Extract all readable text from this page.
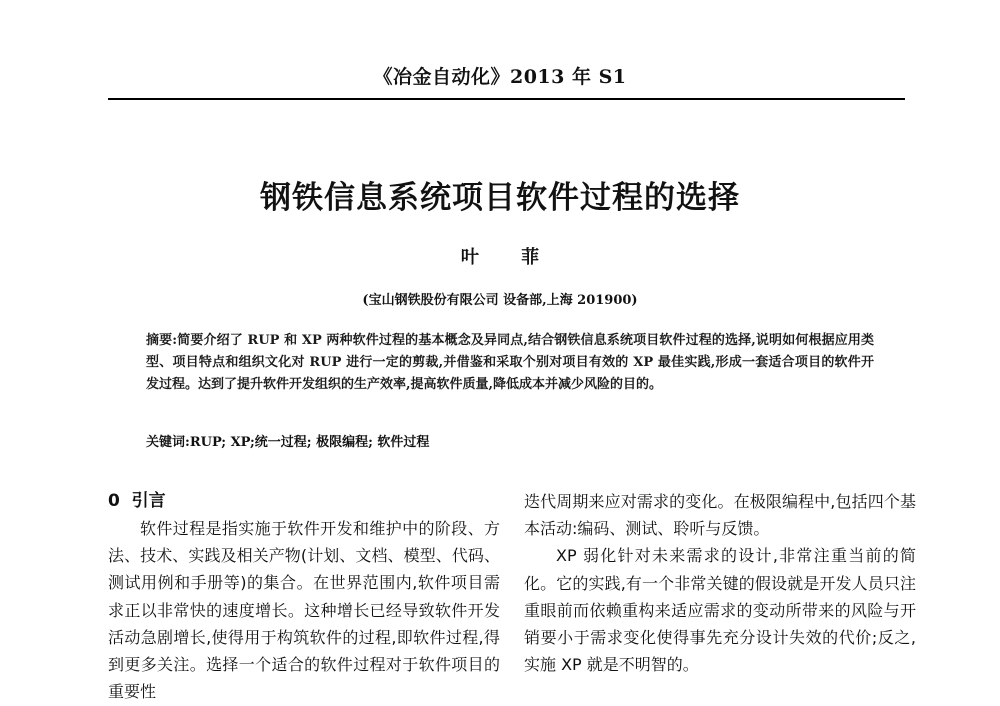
《冶金自动化》2013 年 S1
钢铁信息系统项目软件过程的选择
叶 菲
(宝山钢铁股份有限公司 设备部,上海 201900)
摘要:简要介绍了 RUP 和 XP 两种软件过程的基本概念及异同点,结合钢铁信息系统项目软件过程的选择,说明如何根据应用类型、项目特点和组织文化对 RUP 进行一定的剪裁,并借鉴和采取个别对项目有效的 XP 最佳实践,形成一套适合项目的软件开发过程。达到了提升软件开发组织的生产效率,提高软件质量,降低成本并减少风险的目的。
关键词:RUP; XP;统一过程; 极限编程; 软件过程
0  引言

软件过程是指实施于软件开发和维护中的阶段、方法、技术、实践及相关产物(计划、文档、模型、代码、测试用例和手册等)的集合。在世界范围内,软件项目需求正以非常快的速度增长。这种增长已经导致软件开发活动急剧增长,使得用于构筑软件的过程,即软件过程,得到更多关注。选择一个适合的软件过程对于软件项目的重要性

迭代周期来应对需求的变化。在极限编程中,包括四个基本活动:编码、测试、聆听与反馈。

XP 弱化针对未来需求的设计,非常注重当前的简化。它的实践,有一个非常关键的假设就是开发人员只注重眼前而依赖重构来适应需求的变动所带来的风险与开销要小于需求变化使得事先充分设计失效的代价;反之,实施 XP 就是不明智的。
